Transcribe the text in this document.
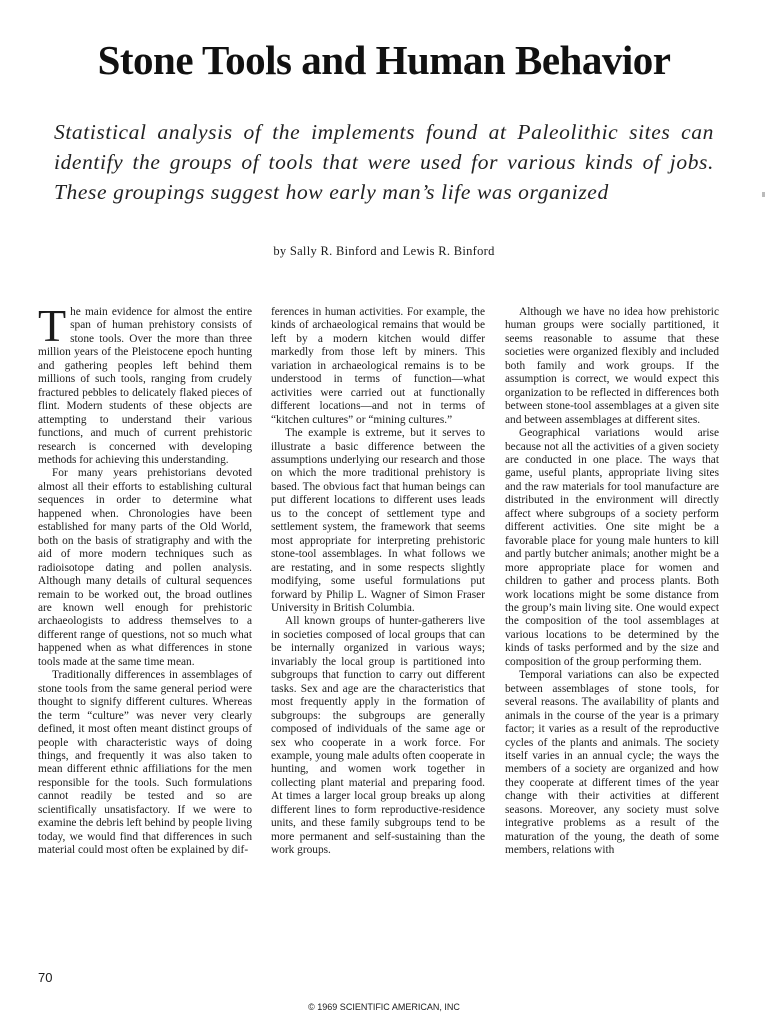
Stone Tools and Human Behavior
Statistical analysis of the implements found at Paleolithic sites can identify the groups of tools that were used for various kinds of jobs. These groupings suggest how early man’s life was organized
by Sally R. Binford and Lewis R. Binford

The main evidence for almost the entire span of human prehistory consists of stone tools. Over the more than three million years of the Pleistocene epoch hunting and gathering peoples left behind them millions of such tools, ranging from crudely fractured pebbles to delicately flaked pieces of flint. Modern students of these objects are attempting to understand their various functions, and much of current prehistoric research is concerned with developing methods for achieving this understanding.

For many years prehistorians devoted almost all their efforts to establishing cultural sequences in order to determine what happened when. Chronologies have been established for many parts of the Old World, both on the basis of stratigraphy and with the aid of more modern techniques such as radioisotope dating and pollen analysis. Although many details of cultural sequences remain to be worked out, the broad outlines are known well enough for prehistoric archaeologists to address themselves to a different range of questions, not so much what happened when as what differences in stone tools made at the same time mean.

Traditionally differences in assemblages of stone tools from the same general period were thought to signify different cultures. Whereas the term “culture” was never very clearly defined, it most often meant distinct groups of people with characteristic ways of doing things, and frequently it was also taken to mean different ethnic affiliations for the men responsible for the tools. Such formulations cannot readily be tested and so are scientifically unsatisfactory. If we were to examine the debris left behind by people living today, we would find that differences in such material could most often be explained by dif-

ferences in human activities. For example, the kinds of archaeological remains that would be left by a modern kitchen would differ markedly from those left by miners. This variation in archaeological remains is to be understood in terms of function—what activities were carried out at functionally different locations—and not in terms of “kitchen cultures” or “mining cultures.”

The example is extreme, but it serves to illustrate a basic difference between the assumptions underlying our research and those on which the more traditional prehistory is based. The obvious fact that human beings can put different locations to different uses leads us to the concept of settlement type and settlement system, the framework that seems most appropriate for interpreting prehistoric stone-tool assemblages. In what follows we are restating, and in some respects slightly modifying, some useful formulations put forward by Philip L. Wagner of Simon Fraser University in British Columbia.

All known groups of hunter-gatherers live in societies composed of local groups that can be internally organized in various ways; invariably the local group is partitioned into subgroups that function to carry out different tasks. Sex and age are the characteristics that most frequently apply in the formation of subgroups: the subgroups are generally composed of individuals of the same age or sex who cooperate in a work force. For example, young male adults often cooperate in hunting, and women work together in collecting plant material and preparing food. At times a larger local group breaks up along different lines to form reproductive-residence units, and these family subgroups tend to be more permanent and self-sustaining than the work groups.

Although we have no idea how prehistoric human groups were socially partitioned, it seems reasonable to assume that these societies were organized flexibly and included both family and work groups. If the assumption is correct, we would expect this organization to be reflected in differences both between stone-tool assemblages at a given site and between assemblages at different sites.

Geographical variations would arise because not all the activities of a given society are conducted in one place. The ways that game, useful plants, appropriate living sites and the raw materials for tool manufacture are distributed in the environment will directly affect where subgroups of a society perform different activities. One site might be a favorable place for young male hunters to kill and partly butcher animals; another might be a more appropriate place for women and children to gather and process plants. Both work locations might be some distance from the group’s main living site. One would expect the composition of the tool assemblages at various locations to be determined by the kinds of tasks performed and by the size and composition of the group performing them.

Temporal variations can also be expected between assemblages of stone tools, for several reasons. The availability of plants and animals in the course of the year is a primary factor; it varies as a result of the reproductive cycles of the plants and animals. The society itself varies in an annual cycle; the ways the members of a society are organized and how they cooperate at different times of the year change with their activities at different seasons. Moreover, any society must solve integrative problems as a result of the maturation of the young, the death of some members, relations with

70
© 1969 SCIENTIFIC AMERICAN, INC
